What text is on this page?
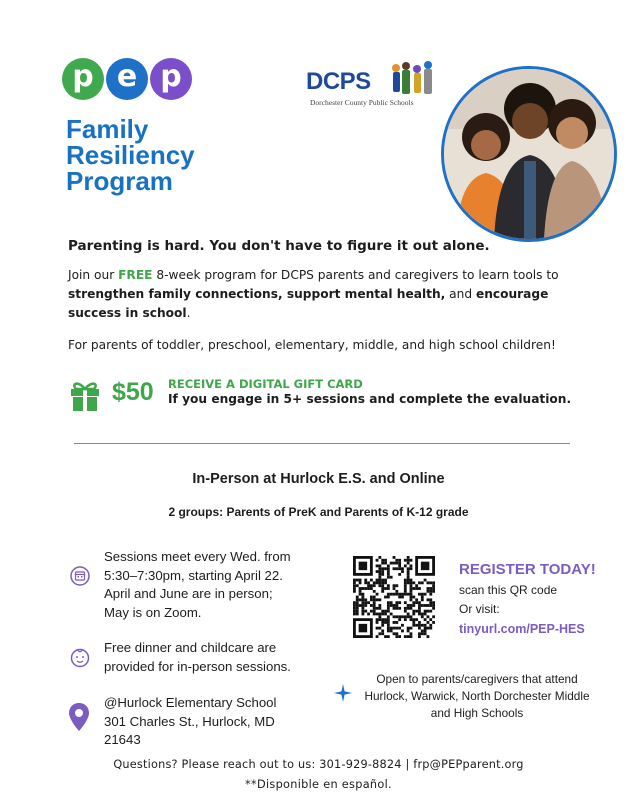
p e p
Family
Resiliency
Program
DCPS
Dorchester County Public Schools
Parenting is hard. You don't have to figure it out alone.
Join our FREE 8-week program for DCPS parents and caregivers to learn tools to strengthen family connections, support mental health, and encourage success in school.
For parents of toddler, preschool, elementary, middle, and high school children!
$50 RECEIVE A DIGITAL GIFT CARD
If you engage in 5+ sessions and complete the evaluation.
In-Person at Hurlock E.S. and Online
2 groups: Parents of PreK and Parents of K-12 grade
Sessions meet every Wed. from
5:30–7:30pm, starting April 22.
April and June are in person;
May is on Zoom.
Free dinner and childcare are
provided for in-person sessions.
@Hurlock Elementary School
301 Charles St., Hurlock, MD
21643
REGISTER TODAY!
scan this QR code
Or visit:
tinyurl.com/PEP-HES
Open to parents/caregivers that attend
Hurlock, Warwick, North Dorchester Middle
and High Schools
Questions? Please reach out to us: 301-929-8824 | frp@PEPparent.org
**Disponible en español.
